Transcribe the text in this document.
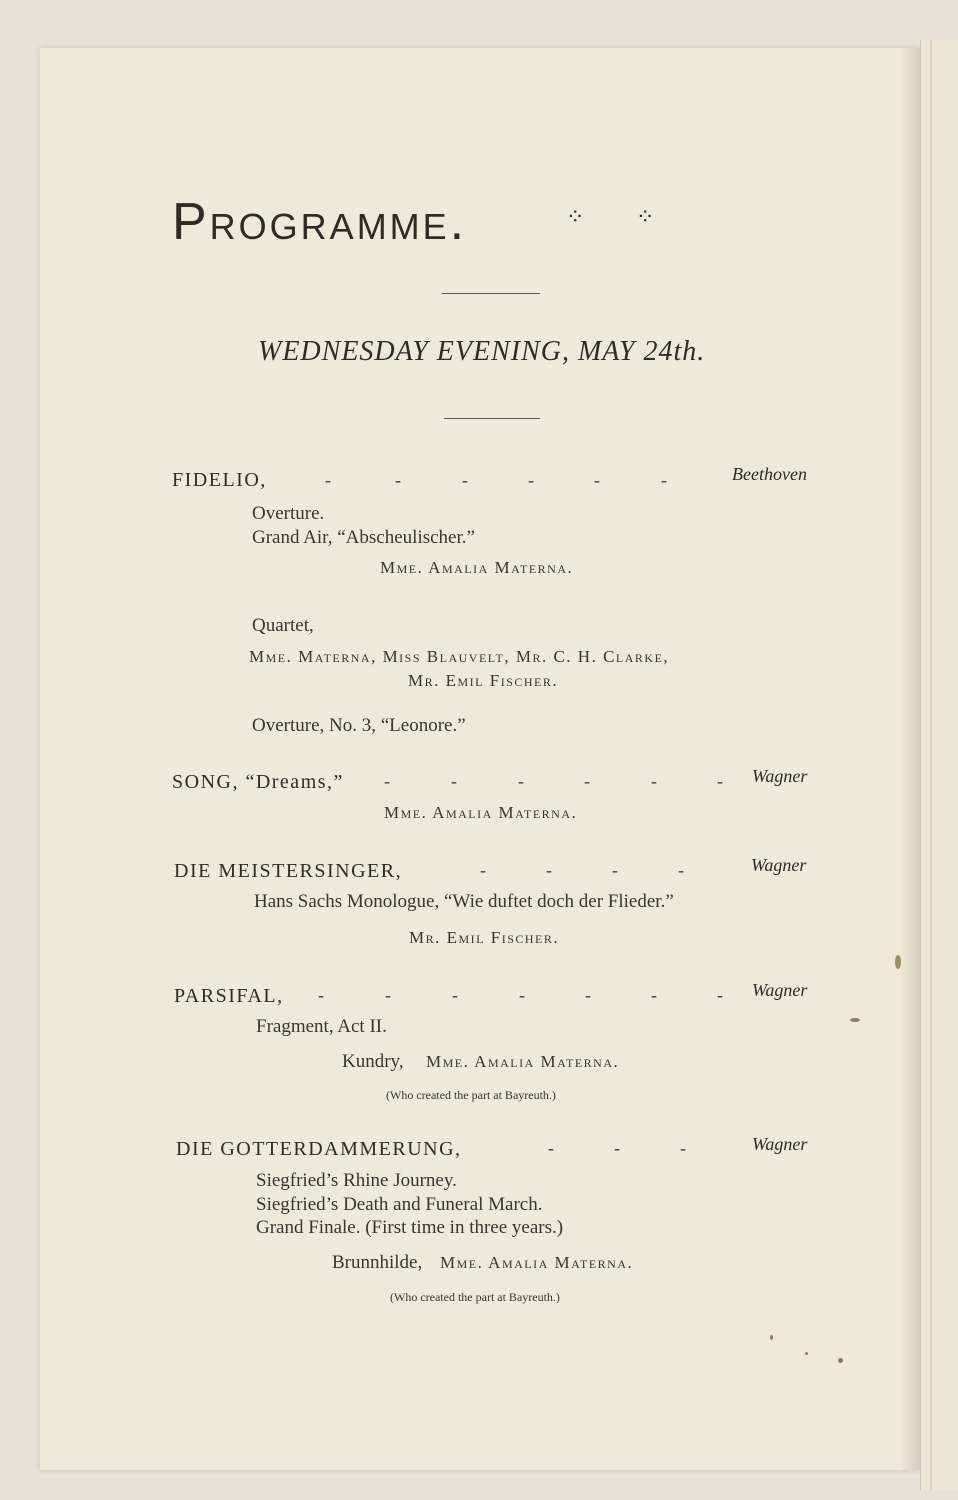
Programme.	⁘ ⁘
WEDNESDAY EVENING, MAY 24th.
FIDELIO,	-	-	-	-	-	-	Beethoven
Overture.
Grand Air, “Abscheulischer.”
Mme. Amalia Materna.
Quartet,
Mme. Materna, Miss Blauvelt, Mr. C. H. Clarke,
Mr. Emil Fischer.
Overture, No. 3, “Leonore.”
SONG, “Dreams,” -	-	-	-	-	- Wagner
Mme. Amalia Materna.
DIE MEISTERSINGER,	-	-	-	-	Wagner
Hans Sachs Monologue, “Wie duftet doch der Flieder.”
Mr. Emil Fischer.
PARSIFAL, -	-	-	-	-	-	- Wagner
Fragment, Act II.
Kundry, Mme. Amalia Materna.
(Who created the part at Bayreuth.)
DIE GOTTERDAMMERUNG,	-	-	-	Wagner
Siegfried’s Rhine Journey.
Siegfried’s Death and Funeral March.
Grand Finale. (First time in three years.)
Brunnhilde, Mme. Amalia Materna.
(Who created the part at Bayreuth.)
